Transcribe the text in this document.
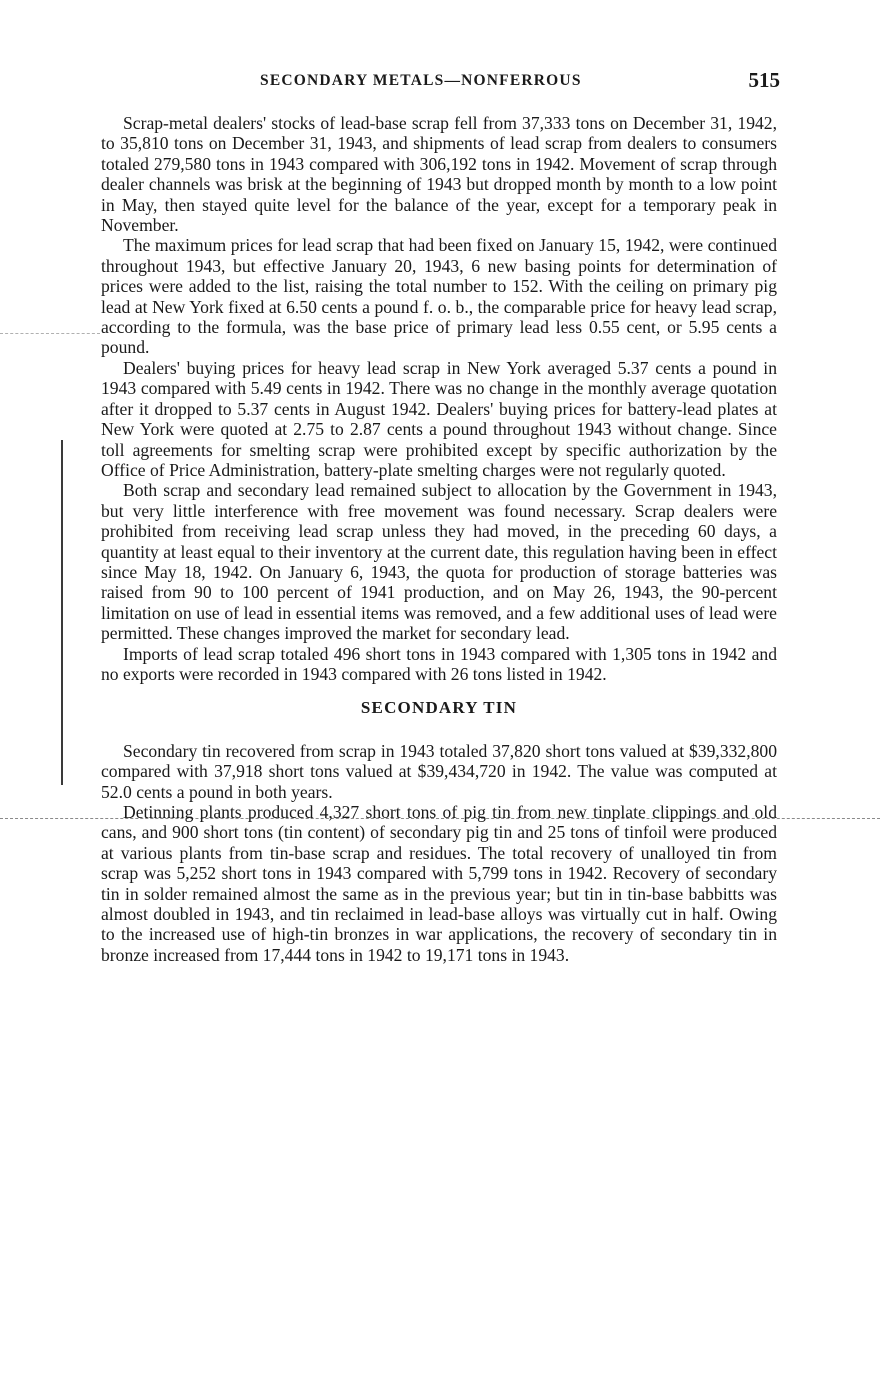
SECONDARY METALS—NONFERROUS	515

Scrap-metal dealers' stocks of lead-base scrap fell from 37,333 tons on December 31, 1942, to 35,810 tons on December 31, 1943, and shipments of lead scrap from dealers to consumers totaled 279,580 tons in 1943 compared with 306,192 tons in 1942. Movement of scrap through dealer channels was brisk at the beginning of 1943 but dropped month by month to a low point in May, then stayed quite level for the balance of the year, except for a temporary peak in November.

The maximum prices for lead scrap that had been fixed on January 15, 1942, were continued throughout 1943, but effective January 20, 1943, 6 new basing points for determination of prices were added to the list, raising the total number to 152. With the ceiling on primary pig lead at New York fixed at 6.50 cents a pound f. o. b., the comparable price for heavy lead scrap, according to the formula, was the base price of primary lead less 0.55 cent, or 5.95 cents a pound.

Dealers' buying prices for heavy lead scrap in New York averaged 5.37 cents a pound in 1943 compared with 5.49 cents in 1942. There was no change in the monthly average quotation after it dropped to 5.37 cents in August 1942. Dealers' buying prices for battery-lead plates at New York were quoted at 2.75 to 2.87 cents a pound throughout 1943 without change. Since toll agreements for smelting scrap were prohibited except by specific authorization by the Office of Price Administration, battery-plate smelting charges were not regularly quoted.

Both scrap and secondary lead remained subject to allocation by the Government in 1943, but very little interference with free movement was found necessary. Scrap dealers were prohibited from receiving lead scrap unless they had moved, in the preceding 60 days, a quantity at least equal to their inventory at the current date, this regulation having been in effect since May 18, 1942. On January 6, 1943, the quota for production of storage batteries was raised from 90 to 100 percent of 1941 production, and on May 26, 1943, the 90-percent limitation on use of lead in essential items was removed, and a few additional uses of lead were permitted. These changes improved the market for secondary lead.

Imports of lead scrap totaled 496 short tons in 1943 compared with 1,305 tons in 1942 and no exports were recorded in 1943 compared with 26 tons listed in 1942.

SECONDARY TIN

Secondary tin recovered from scrap in 1943 totaled 37,820 short tons valued at $39,332,800 compared with 37,918 short tons valued at $39,434,720 in 1942. The value was computed at 52.0 cents a pound in both years.

Detinning plants produced 4,327 short tons of pig tin from new tinplate clippings and old cans, and 900 short tons (tin content) of secondary pig tin and 25 tons of tinfoil were produced at various plants from tin-base scrap and residues. The total recovery of unalloyed tin from scrap was 5,252 short tons in 1943 compared with 5,799 tons in 1942. Recovery of secondary tin in solder remained almost the same as in the previous year; but tin in tin-base babbitts was almost doubled in 1943, and tin reclaimed in lead-base alloys was virtually cut in half. Owing to the increased use of high-tin bronzes in war applications, the recovery of secondary tin in bronze increased from 17,444 tons in 1942 to 19,171 tons in 1943.
